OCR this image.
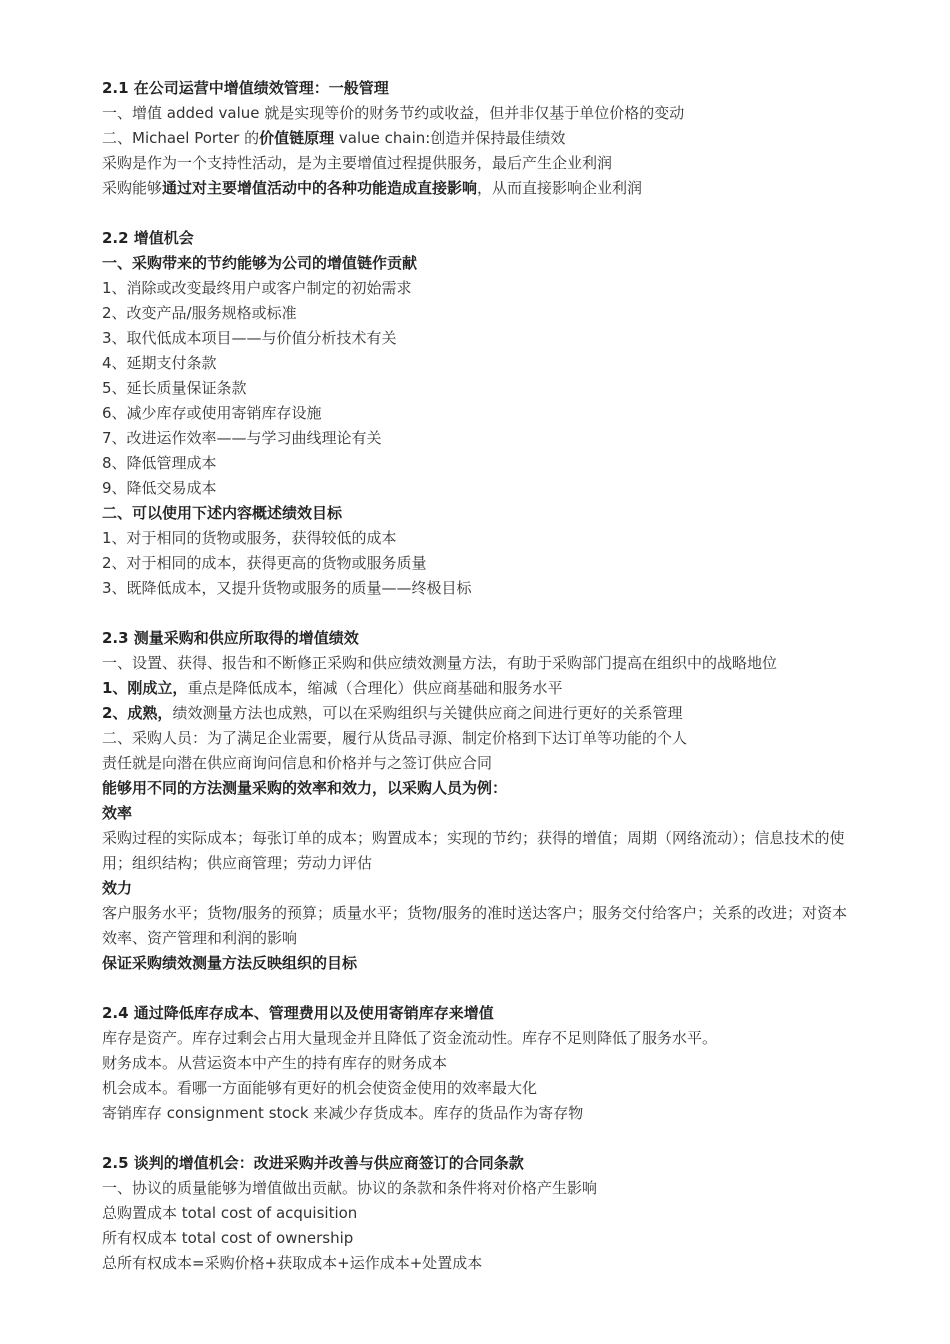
2.1 在公司运营中增值绩效管理：一般管理

一、增值 added value 就是实现等价的财务节约或收益，但并非仅基于单位价格的变动

二、Michael Porter 的价值链原理 value chain:创造并保持最佳绩效

采购是作为一个支持性活动，是为主要增值过程提供服务，最后产生企业利润

采购能够通过对主要增值活动中的各种功能造成直接影响，从而直接影响企业利润

2.2 增值机会

一、采购带来的节约能够为公司的增值链作贡献

1、消除或改变最终用户或客户制定的初始需求

2、改变产品/服务规格或标准

3、取代低成本项目——与价值分析技术有关

4、延期支付条款

5、延长质量保证条款

6、减少库存或使用寄销库存设施

7、改进运作效率——与学习曲线理论有关

8、降低管理成本

9、降低交易成本

二、可以使用下述内容概述绩效目标

1、对于相同的货物或服务，获得较低的成本

2、对于相同的成本，获得更高的货物或服务质量

3、既降低成本，又提升货物或服务的质量——终极目标

2.3 测量采购和供应所取得的增值绩效

一、设置、获得、报告和不断修正采购和供应绩效测量方法，有助于采购部门提高在组织中的战略地位

1、刚成立，重点是降低成本，缩减（合理化）供应商基础和服务水平

2、成熟，绩效测量方法也成熟，可以在采购组织与关键供应商之间进行更好的关系管理

二、采购人员：为了满足企业需要，履行从货品寻源、制定价格到下达订单等功能的个人

责任就是向潜在供应商询问信息和价格并与之签订供应合同

能够用不同的方法测量采购的效率和效力，以采购人员为例：

效率

采购过程的实际成本；每张订单的成本；购置成本；实现的节约；获得的增值；周期（网络流动）；信息技术的使用；组织结构；供应商管理；劳动力评估

效力

客户服务水平；货物/服务的预算；质量水平；货物/服务的准时送达客户；服务交付给客户；关系的改进；对资本效率、资产管理和利润的影响

保证采购绩效测量方法反映组织的目标

2.4 通过降低库存成本、管理费用以及使用寄销库存来增值

库存是资产。库存过剩会占用大量现金并且降低了资金流动性。库存不足则降低了服务水平。

财务成本。从营运资本中产生的持有库存的财务成本

机会成本。看哪一方面能够有更好的机会使资金使用的效率最大化

寄销库存 consignment stock 来减少存货成本。库存的货品作为寄存物

2.5 谈判的增值机会：改进采购并改善与供应商签订的合同条款

一、协议的质量能够为增值做出贡献。协议的条款和条件将对价格产生影响

总购置成本 total cost of acquisition

所有权成本 total cost of ownership

总所有权成本=采购价格+获取成本+运作成本+处置成本
